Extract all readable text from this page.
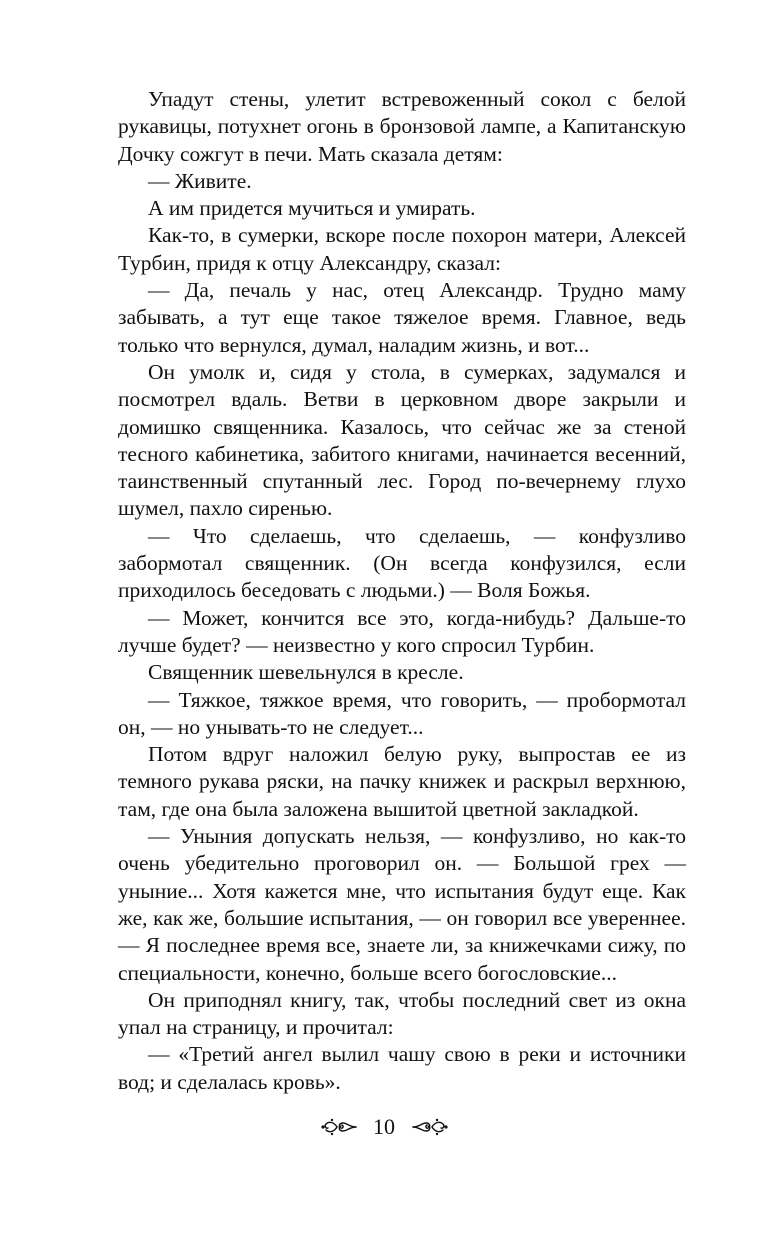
Упадут стены, улетит встревоженный сокол с белой рукавицы, потухнет огонь в бронзовой лампе, а Капитанскую Дочку сожгут в печи. Мать сказала детям:

— Живите.

А им придется мучиться и умирать.

Как-то, в сумерки, вскоре после похорон матери, Алексей Турбин, придя к отцу Александру, сказал:

— Да, печаль у нас, отец Александр. Трудно маму забывать, а тут еще такое тяжелое время. Главное, ведь только что вернулся, думал, наладим жизнь, и вот...

Он умолк и, сидя у стола, в сумерках, задумался и посмотрел вдаль. Ветви в церковном дворе закрыли и домишко священника. Казалось, что сейчас же за стеной тесного кабинетика, забитого книгами, начинается весенний, таинственный спутанный лес. Город по-вечернему глухо шумел, пахло сиренью.

— Что сделаешь, что сделаешь, — конфузливо забормотал священник. (Он всегда конфузился, если приходилось беседовать с людьми.) — Воля Божья.

— Может, кончится все это, когда-нибудь? Дальше-то лучше будет? — неизвестно у кого спросил Турбин.

Священник шевельнулся в кресле.

— Тяжкое, тяжкое время, что говорить, — пробормотал он, — но унывать-то не следует...

Потом вдруг наложил белую руку, выпростав ее из темного рукава ряски, на пачку книжек и раскрыл верхнюю, там, где она была заложена вышитой цветной закладкой.

— Уныния допускать нельзя, — конфузливо, но как-то очень убедительно проговорил он. — Большой грех — уныние... Хотя кажется мне, что испытания будут еще. Как же, как же, большие испытания, — он говорил все увереннее. — Я последнее время все, знаете ли, за книжечками сижу, по специальности, конечно, больше всего богословские...

Он приподнял книгу, так, чтобы последний свет из окна упал на страницу, и прочитал:

— «Третий ангел вылил чашу свою в реки и источники вод; и сделалась кровь».

10
